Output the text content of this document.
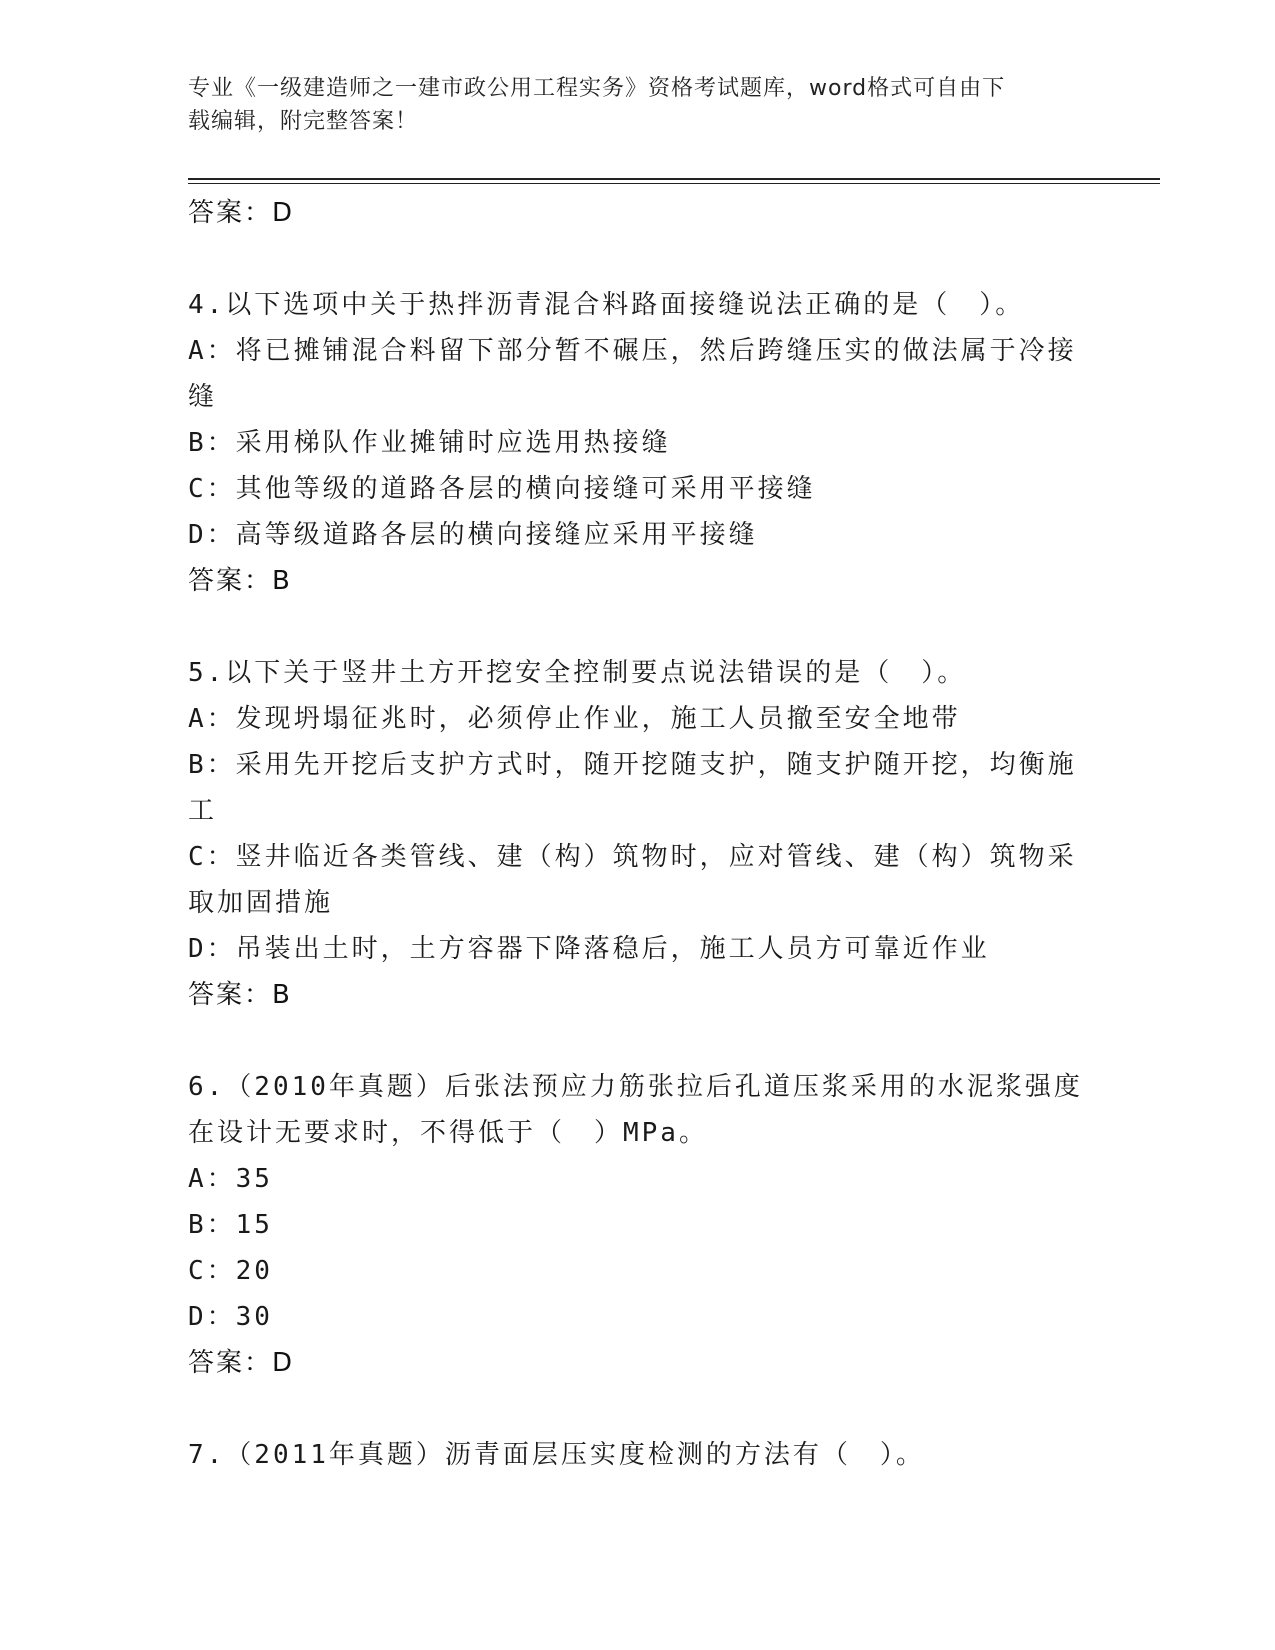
专业《一级建造师之一建市政公用工程实务》资格考试题库，word格式可自由下
载编辑，附完整答案！
答案：D
4.以下选项中关于热拌沥青混合料路面接缝说法正确的是（　）。
A：将已摊铺混合料留下部分暂不碾压，然后跨缝压实的做法属于冷接
缝
B：采用梯队作业摊铺时应选用热接缝
C：其他等级的道路各层的横向接缝可采用平接缝
D：高等级道路各层的横向接缝应采用平接缝
答案：B
5.以下关于竖井土方开挖安全控制要点说法错误的是（　）。
A：发现坍塌征兆时，必须停止作业，施工人员撤至安全地带
B：采用先开挖后支护方式时，随开挖随支护，随支护随开挖，均衡施
工
C：竖井临近各类管线、建（构）筑物时，应对管线、建（构）筑物采
取加固措施
D：吊装出土时，土方容器下降落稳后，施工人员方可靠近作业
答案：B
6.（2010年真题）后张法预应力筋张拉后孔道压浆采用的水泥浆强度
在设计无要求时，不得低于（　）MPa。
A：35
B：15
C：20
D：30
答案：D
7.（2011年真题）沥青面层压实度检测的方法有（　）。
